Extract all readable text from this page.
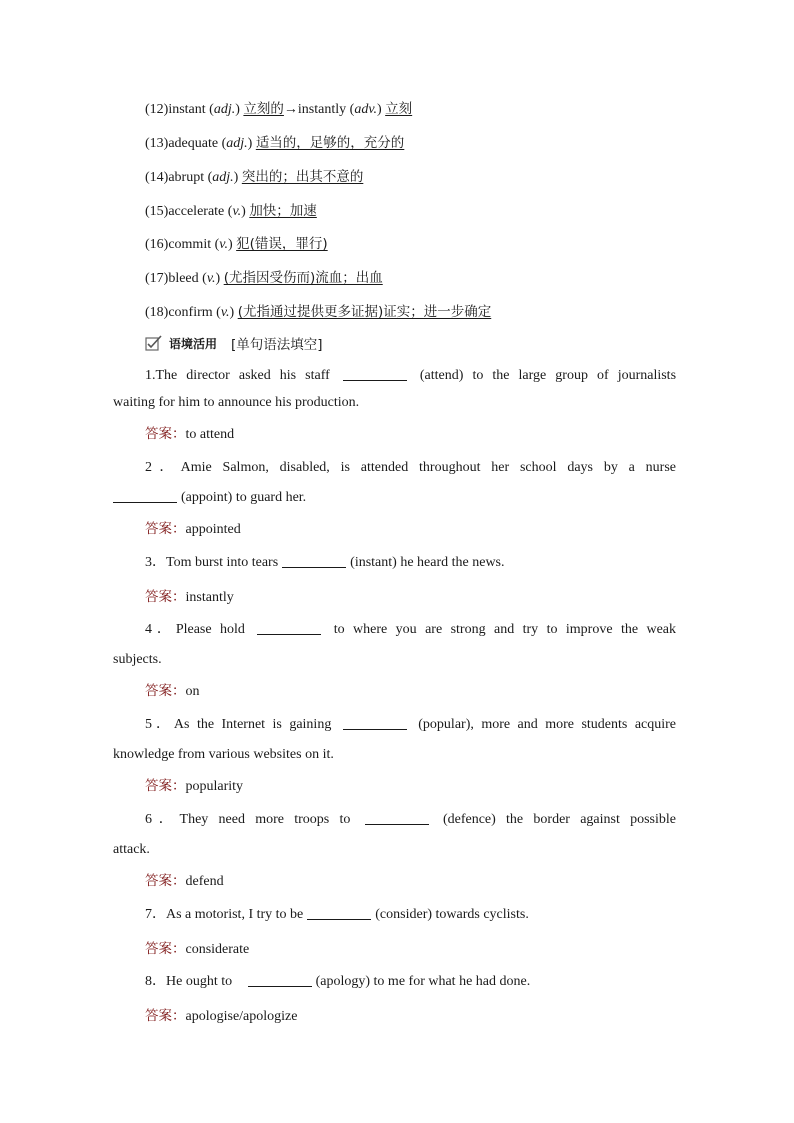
(12)instant (adj.) 立刻的→instantly (adv.) 立刻
(13)adequate (adj.) 适当的，足够的，充分的
(14)abrupt (adj.) 突出的；出其不意的
(15)accelerate (v.) 加快；加速
(16)commit (v.) 犯(错误，罪行)
(17)bleed (v.) (尤指因受伤而)流血；出血
(18)confirm (v.) (尤指通过提供更多证据)证实；进一步确定
语境活用 [单句语法填空]
1.The director asked his staff	(attend) to the large group of journalists
waiting for him to announce his production.
答案：to attend
2．Amie Salmon, disabled, is attended throughout her school days by a nurse
(appoint) to guard her.
答案：appointed
3．Tom burst into tears	(instant) he heard the news.
答案：instantly
4．Please hold	to where you are strong and try to improve the weak
subjects.
答案：on
5．As the Internet is gaining	(popular), more and more students acquire
knowledge from various websites on it.
答案：popularity
6．They need more troops to	(defence) the border against possible
attack.
答案：defend
7．As a motorist, I try to be	(consider) towards cyclists.
答案：considerate
8．He ought to	(apology) to me for what he had done.
答案：apologise/apologize
